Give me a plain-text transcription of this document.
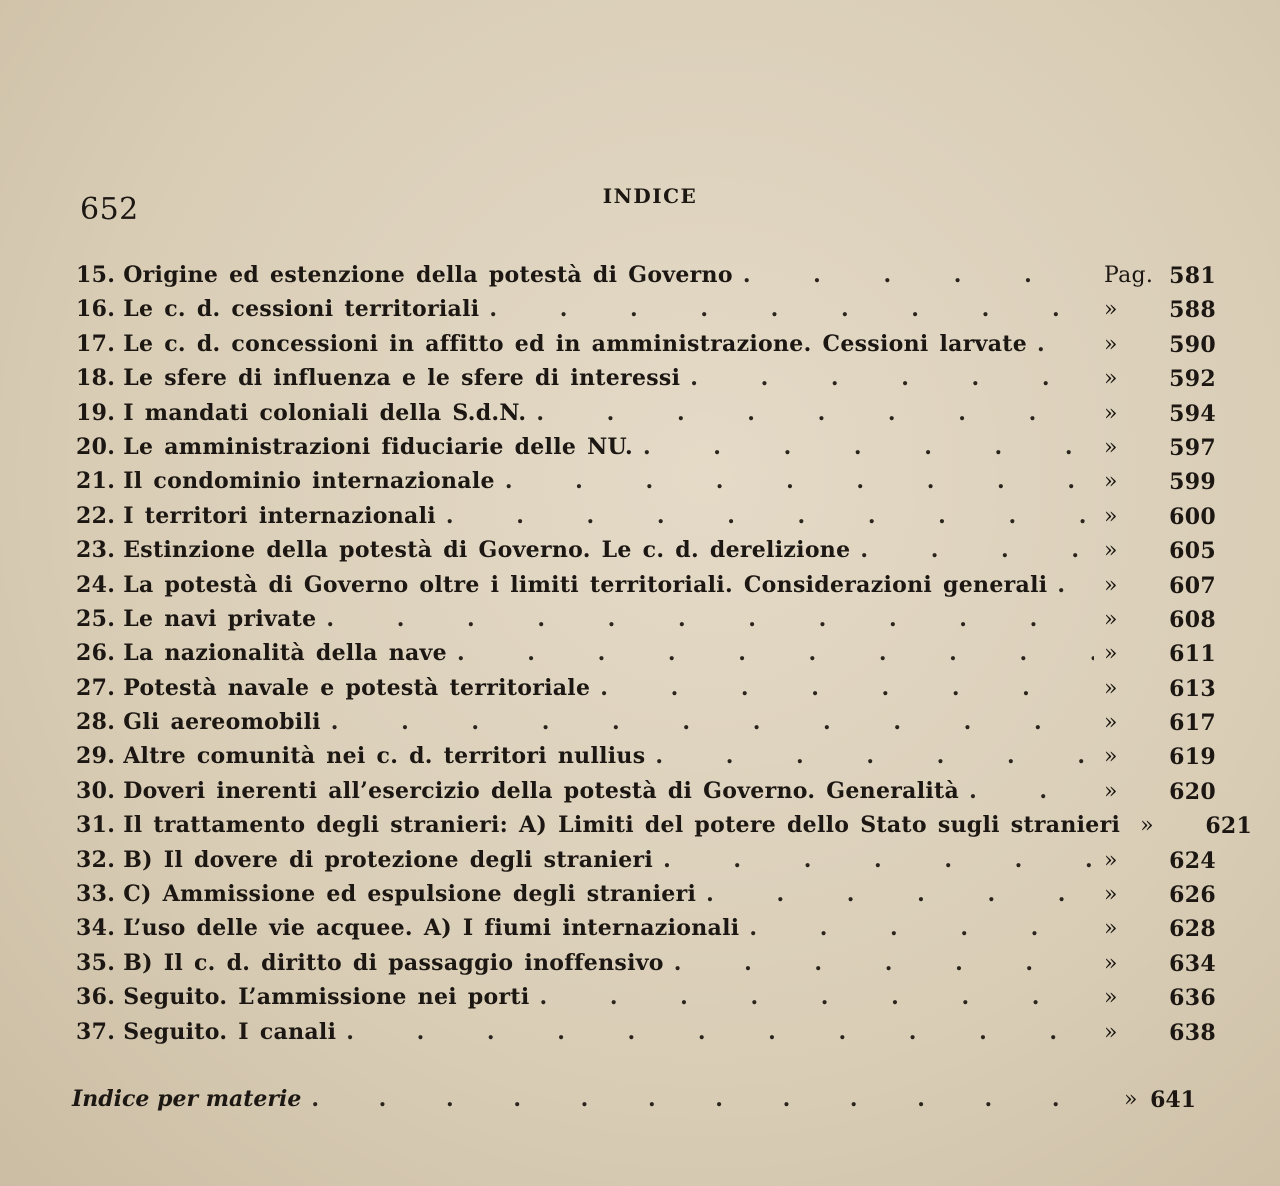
652	INDICE
15. Origine ed estenzione della potestà di Governo . . .	Pag. 581
16. Le c. d. cessioni territoriali . . .	» 588
17. Le c. d. concessioni in affitto ed in amministrazione. Cessioni larvate . . .	» 590
18. Le sfere di influenza e le sfere di interessi . . .	» 592
19. I mandati coloniali della S.d.N. . . .	» 594
20. Le amministrazioni fiduciarie delle NU. . . .	» 597
21. Il condominio internazionale . . .	» 599
22. I territori internazionali . . .	» 600
23. Estinzione della potestà di Governo. Le c. d. derelizione . . .	» 605
24. La potestà di Governo oltre i limiti territoriali. Considerazioni generali . . .	» 607
25. Le navi private . . .	» 608
26. La nazionalità della nave . . .	» 611
27. Potestà navale e potestà territoriale . . .	» 613
28. Gli aereomobili . . .	» 617
29. Altre comunità nei c. d. territori nullius . . .	» 619
30. Doveri inerenti all’esercizio della potestà di Governo. Generalità . . .	» 620
31. Il trattamento degli stranieri: A) Limiti del potere dello Stato sugli stranieri » 621
32. B) Il dovere di protezione degli stranieri . . .	» 624
33. C) Ammissione ed espulsione degli stranieri . . .	» 626
34. L’uso delle vie acquee. A) I fiumi internazionali . . .	» 628
35. B) Il c. d. diritto di passaggio inoffensivo . . .	» 634
36. Seguito. L’ammissione nei porti . . .	» 636
37. Seguito. I canali . . .	» 638
Indice per materie . . .	» 641
